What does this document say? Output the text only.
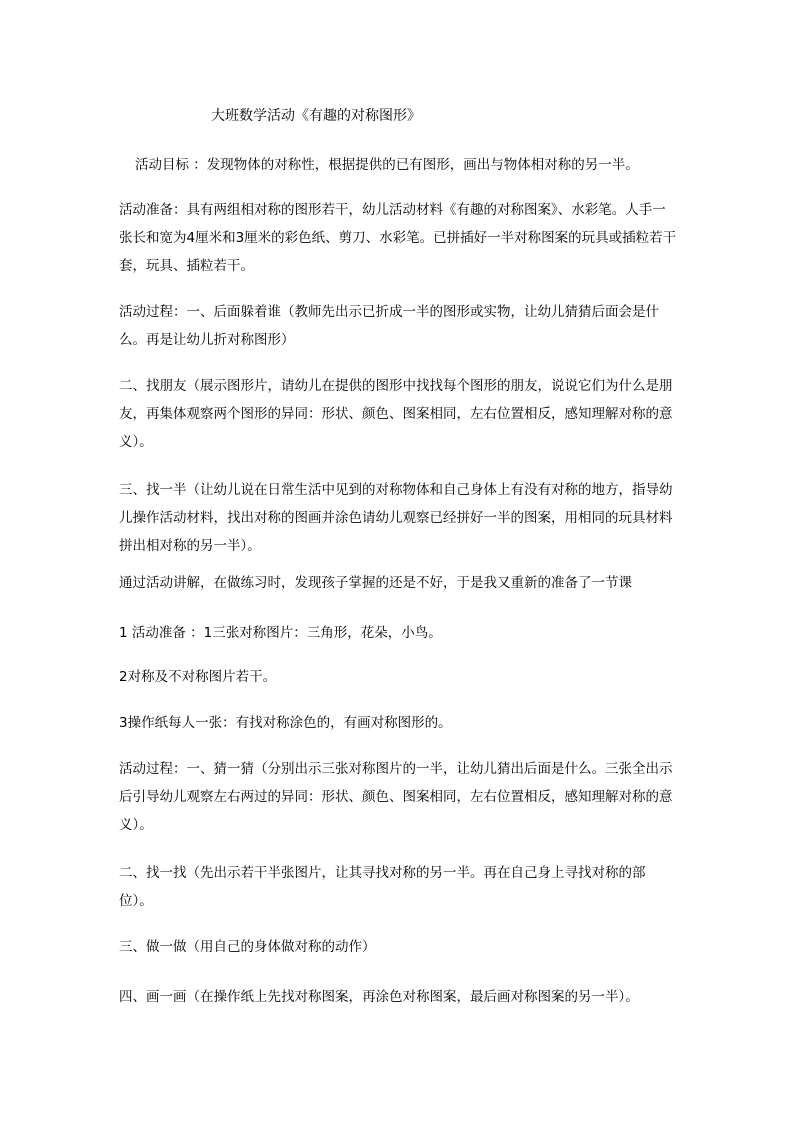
大班数学活动《有趣的对称图形》

活动目标 ：发现物体的对称性，根据提供的已有图形，画出与物体相对称的另一半。

活动准备：具有两组相对称的图形若干，幼儿活动材料《有趣的对称图案》、水彩笔。人手一张长和宽为4厘米和3厘米的彩色纸、剪刀、水彩笔。已拼插好一半对称图案的玩具或插粒若干套，玩具、插粒若干。

活动过程：一、后面躲着谁（教师先出示已折成一半的图形或实物，让幼儿猜猜后面会是什么。再是让幼儿折对称图形）

二、找朋友（展示图形片，请幼儿在提供的图形中找找每个图形的朋友，说说它们为什么是朋友，再集体观察两个图形的异同：形状、颜色、图案相同，左右位置相反，感知理解对称的意义）。

三、找一半（让幼儿说在日常生活中见到的对称物体和自己身体上有没有对称的地方，指导幼儿操作活动材料，找出对称的图画并涂色请幼儿观察已经拼好一半的图案，用相同的玩具材料拼出相对称的另一半）。

通过活动讲解，在做练习时，发现孩子掌握的还是不好，于是我又重新的准备了一节课

1 活动准备 ：1三张对称图片：三角形，花朵，小鸟。

2对称及不对称图片若干。

3操作纸每人一张：有找对称涂色的，有画对称图形的。

活动过程：一、猜一猜（分别出示三张对称图片的一半，让幼儿猜出后面是什么。三张全出示后引导幼儿观察左右两过的异同：形状、颜色、图案相同，左右位置相反，感知理解对称的意义）。

二、找一找（先出示若干半张图片，让其寻找对称的另一半。再在自己身上寻找对称的部位）。

三、做一做（用自己的身体做对称的动作）

四、画一画（在操作纸上先找对称图案，再涂色对称图案，最后画对称图案的另一半）。
